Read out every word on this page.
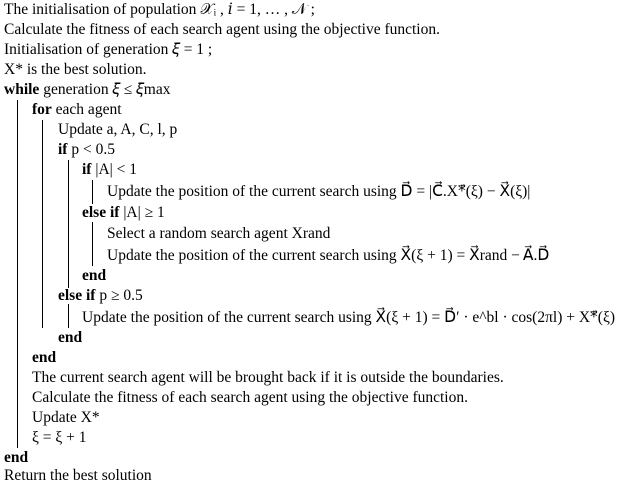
The initialisation of population 𝒳ᵢ , 𝑖 = 1, … , 𝒩 ;
Calculate the fitness of each search agent using the objective function.
Initialisation of generation 𝜉 = 1 ;
X* is the best solution.
while generation 𝜉 ≤ 𝜉max
for each agent
Update a, A, C, l, p
if p < 0.5
if |A| < 1
Update the position of the current search using D⃗ = |C⃗.X*⃗(ξ) − X⃗(ξ)|
else if |A| ≥ 1
Select a random search agent Xrand
Update the position of the current search using X⃗(ξ + 1) = X⃗rand − A⃗.D⃗
end
else if p ≥ 0.5
Update the position of the current search using X⃗(ξ + 1) = D⃗′ · e^bl · cos(2πl) + X*⃗(ξ)
end
end
The current search agent will be brought back if it is outside the boundaries.
Calculate the fitness of each search agent using the objective function.
Update X*
ξ = ξ + 1
end
Return the best solution
